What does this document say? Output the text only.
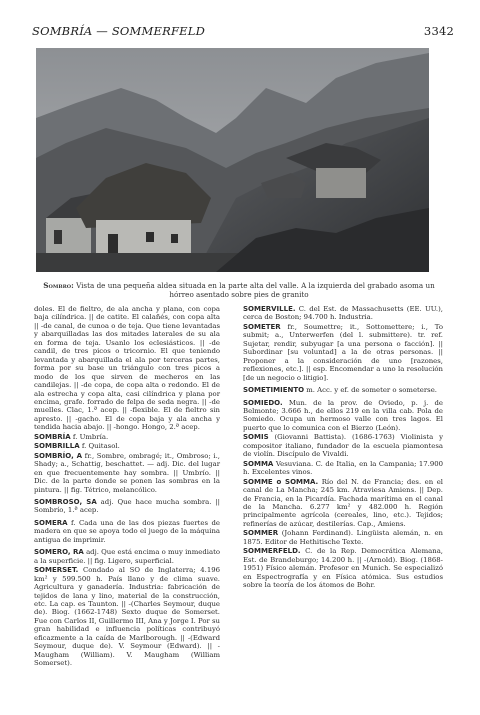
SOMBRÍA — SOMMERFELD	3342
Sombro: Vista de una pequeña aldea situada en la parte alta del valle. A la izquierda del grabado asoma un hórreo asentado sobre pies de granito
doles. El de fieltro, de ala ancha y plana, con copa baja cilíndrica. || de catite. El calañés, con copa alta || -de canal, de cunoa o de teja. Que tiene levantadas y abarquilladas las dos mitades laterales de su ala en forma de teja. Usanlo los eclesiásticos. || -de candil, de tres picos o tricornio. El que teniendo levantada y abarquillada el ala por terceras partes, forma por su base un triángulo con tres picos a modo de los que sirven de mecheros en las candilejas. || -de copa, de copa alta o redondo. El de ala estrecha y copa alta, casi cilíndrica y plana por encima, grafe. forrado de felpa de seda negra. || -de muelles. Clac, 1.ª acep. || -flexible. El de fieltro sin apresto. || -gacho. El de copa baja y ala ancha y tendida hacia abajo. || -hongo. Hongo, 2.ª acep.
SOMBRÍA f. Umbría.
SOMBRILLA f. Quitasol.
SOMBRÍO, A fr., Sombre, ombragé; it., Ombroso; i., Shady; a., Schattig, beschattet. — adj. Dic. del lugar en que frecuentemente hay sombra. || Umbrío. || Dic. de la parte donde se ponen las sombras en la pintura. || fig. Tétrico, melancólico.
SOMBROSO, SA adj. Que hace mucha sombra. || Sombrío, 1.ª acep.
SOMERA f. Cada una de las dos piezas fuertes de madera en que se apoya todo el juego de la máquina antigua de imprimir.
SOMERO, RA adj. Que está encima o muy inmediato a la superficie. || fig. Ligero, superficial.
SOMERSET. Condado al SO de Inglaterra; 4.196 km² y 599.500 h. País llano y de clima suave. Agricultura y ganadería. Industria: fabricación de tejidos de lana y lino, material de la construcción, etc. La cap. es Taunton. || -(Charles Seymour, duque de). Biog. (1662-1748) Sexto duque de Somerset. Fue con Carlos II, Guillermo III, Ana y Jorge I. Por su gran habilidad e influencia políticas contribuyó eficazmente a la caída de Marlborough. || -(Edward Seymour, duque de). V. Seymour (Edward). || -Maugham (William). V. Maugham (William Somerset).
SOMERVILLE. C. del Est. de Massachusetts (EE. UU.), cerca de Boston; 94.700 h. Industria.
SOMETER fr., Soumettre; it., Sottomettere; i., To submit; a., Unterwerfen (del l. submittere). tr. ref. Sujetar, rendir, subyugar [a una persona o facción]. || Subordinar [su voluntad] a la de otras personas. || Proponer a la consideración de uno [razones, reflexiones, etc.]. || esp. Encomendar a uno la resolución [de un negocio o litigio].
SOMETIMIENTO m. Acc. y ef. de someter o someterse.
SOMIEDO. Mun. de la prov. de Oviedo, p. j. de Belmonte; 3.666 h., de ellos 219 en la villa cab. Pola de Somiedo. Ocupa un hermoso valle con tres lagos. El puerto que lo comunica con el Bierzo (León).
SOMIS (Giovanni Battista). (1686-1763) Violinista y compositor italiano, fundador de la escuela piamontesa de violín. Discípulo de Vivaldi.
SOMMA Vesuviana. C. de Italia, en la Campania; 17.900 h. Excelentes vinos.
SOMME o SOMMA. Río del N. de Francia; des. en el canal de La Mancha; 245 km. Atraviesa Amiens. || Dep. de Francia, en la Picardía. Fachada marítima en el canal de la Mancha. 6.277 km² y 482.000 h. Región principalmente agrícola (cereales, lino, etc.). Tejidos; refinerías de azúcar, destilerías. Cap., Amiens.
SOMMER (Johann Ferdinand). Lingüista alemán, n. en 1875. Editor de Hethitische Texte.
SOMMERFELD. C. de la Rep. Democrática Alemana, Est. de Brandeburgo; 14.200 h. || -(Arnold). Biog. (1868-1951) Físico alemán. Profesor en Munich. Se especializó en Espectrografía y en Física atómica. Sus estudios sobre la teoría de los átomos de Bohr.
